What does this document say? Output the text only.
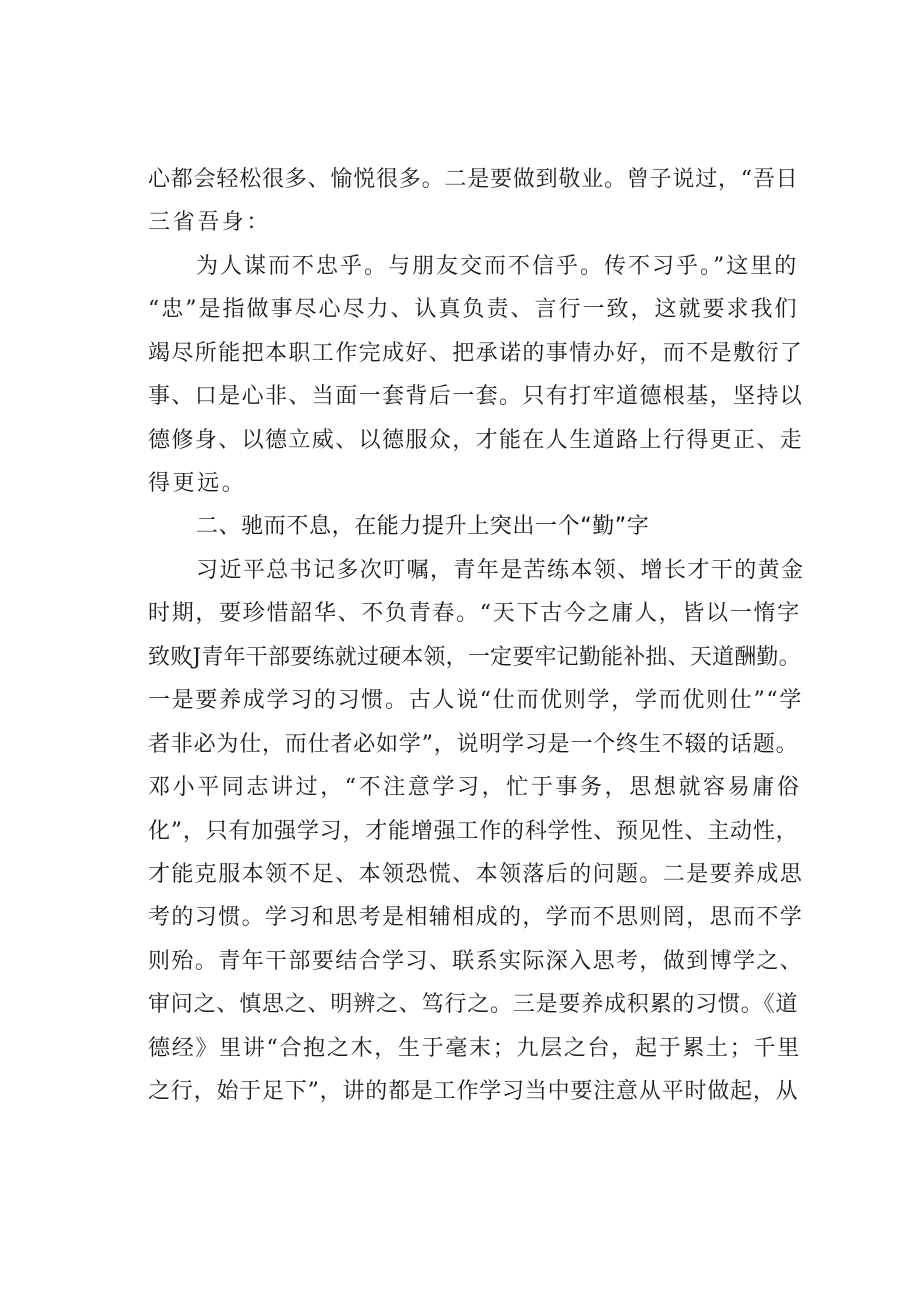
心都会轻松很多、愉悦很多。二是要做到敬业。曾子说过，“吾日
三省吾身：
为人谋而不忠乎。与朋友交而不信乎。传不习乎。”这里的
“忠”是指做事尽心尽力、认真负责、言行一致，这就要求我们
竭尽所能把本职工作完成好、把承诺的事情办好，而不是敷衍了
事、口是心非、当面一套背后一套。只有打牢道德根基，坚持以
德修身、以德立威、以德服众，才能在人生道路上行得更正、走
得更远。
二、驰而不息，在能力提升上突出一个“勤”字
习近平总书记多次叮嘱，青年是苦练本领、增长才干的黄金
时期，要珍惜韶华、不负青春。“天下古今之庸人，皆以一惰字
致败J青年干部要练就过硬本领，一定要牢记勤能补拙、天道酬勤。
一是要养成学习的习惯。古人说“仕而优则学，学而优则仕”“学
者非必为仕，而仕者必如学”，说明学习是一个终生不辍的话题。
邓小平同志讲过，“不注意学习，忙于事务，思想就容易庸俗
化”，只有加强学习，才能增强工作的科学性、预见性、主动性，
才能克服本领不足、本领恐慌、本领落后的问题。二是要养成思
考的习惯。学习和思考是相辅相成的，学而不思则罔，思而不学
则殆。青年干部要结合学习、联系实际深入思考，做到博学之、
审问之、慎思之、明辨之、笃行之。三是要养成积累的习惯。《道
德经》里讲“合抱之木，生于毫末；九层之台，起于累土；千里
之行，始于足下”，讲的都是工作学习当中要注意从平时做起，从
